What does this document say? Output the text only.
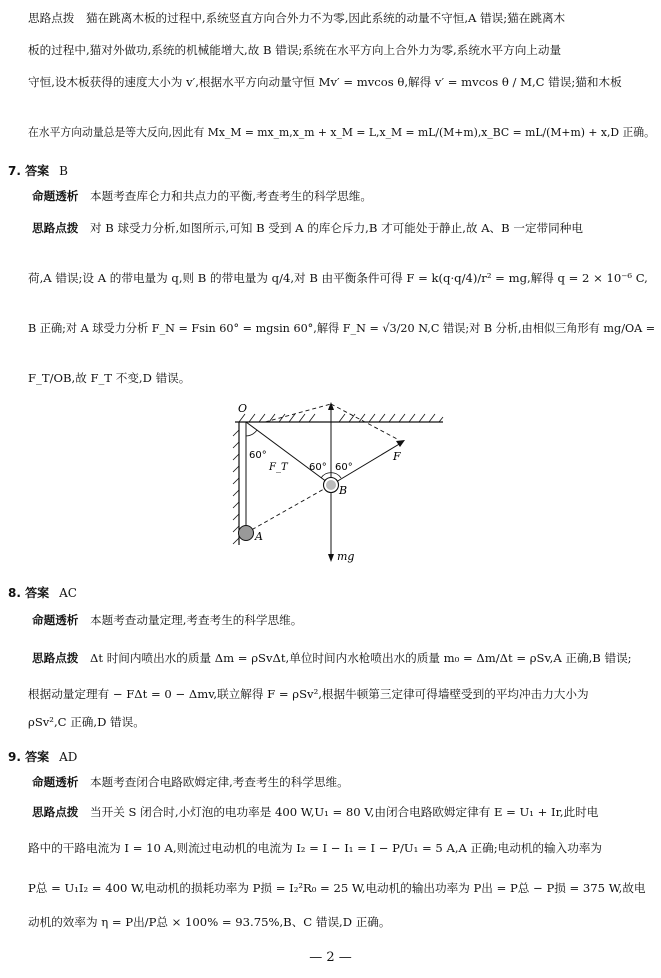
思路点拨　猫在跳离木板的过程中,系统竖直方向合外力不为零,因此系统的动量不守恒,A 错误;猫在跳离木
板的过程中,猫对外做功,系统的机械能增大,故 B 错误;系统在水平方向上合外力为零,系统水平方向上动量
守恒,设木板获得的速度大小为 v′,根据水平方向动量守恒 Mv′ = mvcos θ,解得 v′ = mvcos θ / M,C 错误;猫和木板
在水平方向动量总是等大反向,因此有 Mx_M = mx_m,x_m + x_M = L,x_M = mL/(M+m),x_BC = mL/(M+m) + x,D 正确。
7. 答案 B
命题透析　 本题考查库仑力和共点力的平衡,考查考生的科学思维。
思路点拨　 对 B 球受力分析,如图所示,可知 B 受到 A 的库仑斥力,B 才可能处于静止,故 A、B 一定带同种电
荷,A 错误;设 A 的带电量为 q,则 B 的带电量为 q/4,对 B 由平衡条件可得 F = k(q·q/4)/r² = mg,解得 q = 2 × 10⁻⁶ C,
B 正确;对 A 球受力分析 F_N = Fsin 60° = mgsin 60°,解得 F_N = √3/20 N,C 错误;对 B 分析,由相似三角形有 mg/OA =
F_T/OB,故 F_T 不变,D 错误。
O
60°
F_T 60° 60°
F
B
A
mg
8. 答案 AC
命题透析　 本题考查动量定理,考查考生的科学思维。
思路点拨　 Δt 时间内喷出水的质量 Δm = ρSvΔt,单位时间内水枪喷出水的质量 m₀ = Δm/Δt = ρSv,A 正确,B 错误;
根据动量定理有 − FΔt = 0 − Δmv,联立解得 F = ρSv²,根据牛顿第三定律可得墙壁受到的平均冲击力大小为
ρSv²,C 正确,D 错误。
9. 答案 AD
命题透析　 本题考查闭合电路欧姆定律,考查考生的科学思维。
思路点拨　 当开关 S 闭合时,小灯泡的电功率是 400 W,U₁ = 80 V,由闭合电路欧姆定律有 E = U₁ + Ir,此时电
路中的干路电流为 I = 10 A,则流过电动机的电流为 I₂ = I − I₁ = I − P/U₁ = 5 A,A 正确;电动机的输入功率为
P总 = U₁I₂ = 400 W,电动机的损耗功率为 P损 = I₂²R₀ = 25 W,电动机的输出功率为 P出 = P总 − P损 = 375 W,故电
动机的效率为 η = P出/P总 × 100% = 93.75%,B、C 错误,D 正确。
— 2 —
